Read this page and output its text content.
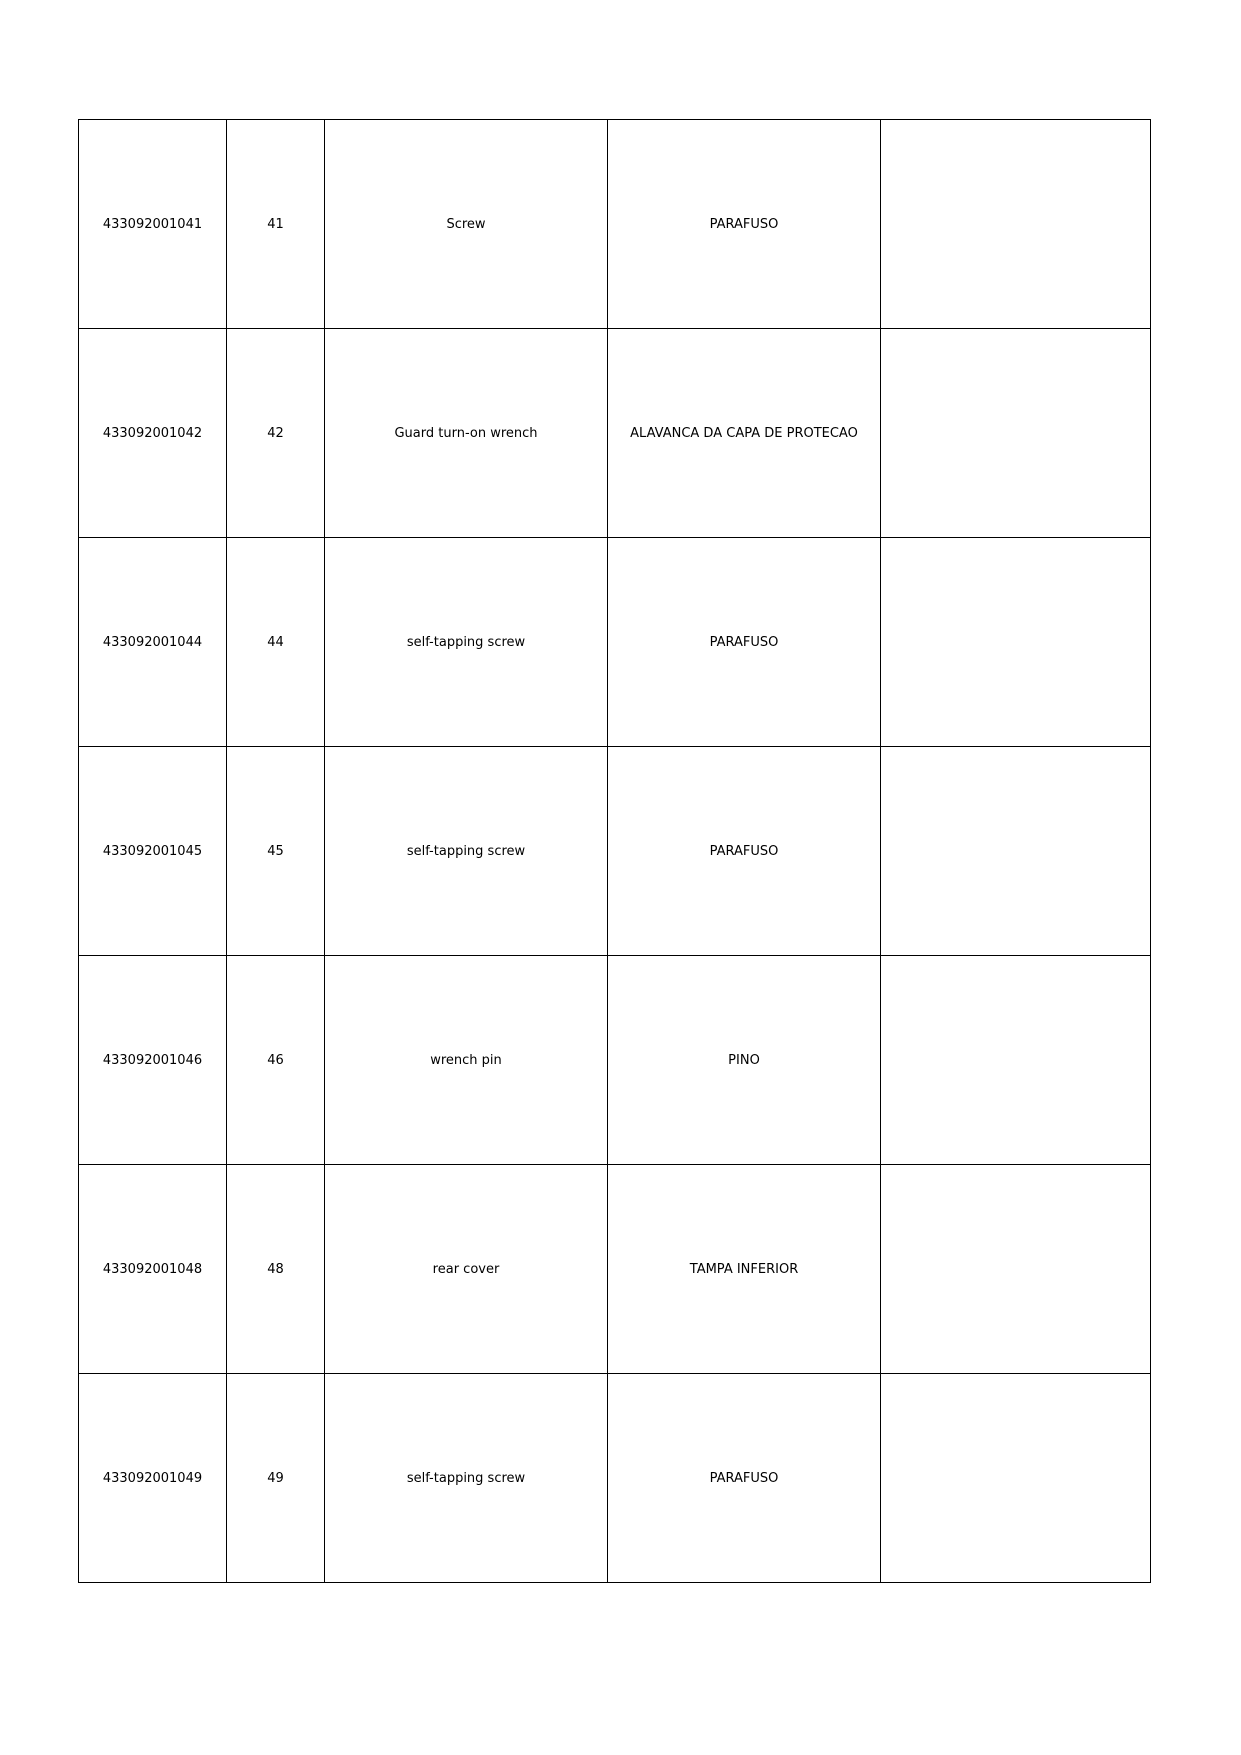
433092001041	41	Screw	PARAFUSO	
433092001042	42	Guard turn-on wrench	ALAVANCA DA CAPA DE PROTECAO	
433092001044	44	self-tapping screw	PARAFUSO	
433092001045	45	self-tapping screw	PARAFUSO	
433092001046	46	wrench pin	PINO	
433092001048	48	rear cover	TAMPA INFERIOR	
433092001049	49	self-tapping screw	PARAFUSO	
